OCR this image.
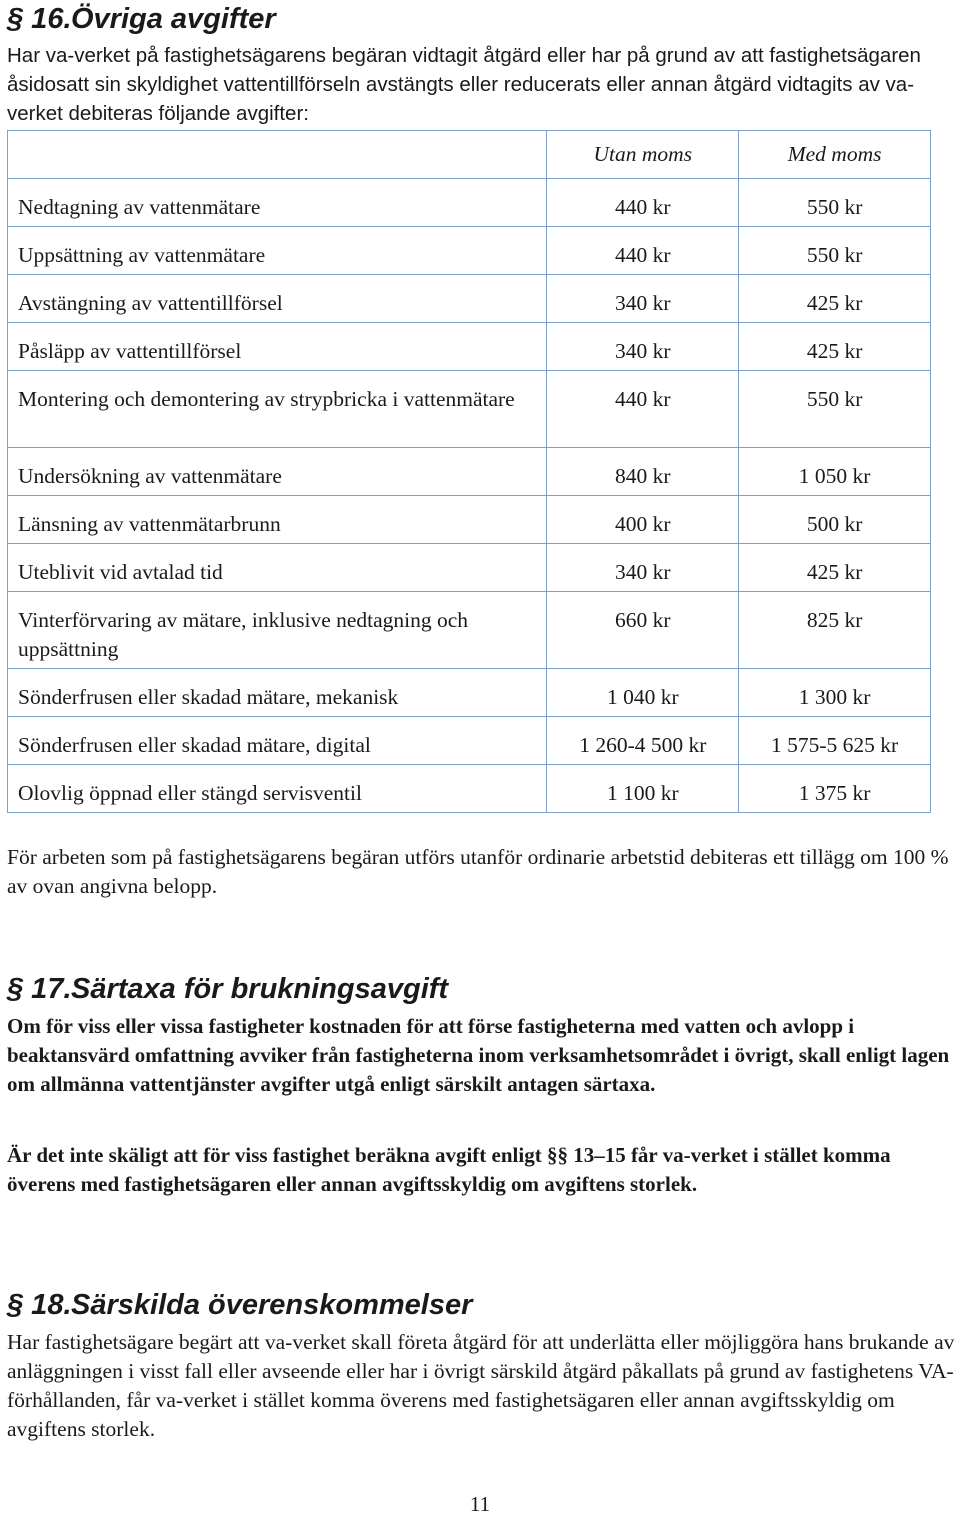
§ 16.Övriga avgifter

Har va-verket på fastighetsägarens begäran vidtagit åtgärd eller har på grund av att fastighetsägaren åsidosatt sin skyldighet vattentillförseln avstängts eller reducerats eller annan åtgärd vidtagits av va-verket debiteras följande avgifter:

	Utan moms	Med moms
Nedtagning av vattenmätare	440 kr	550 kr
Uppsättning av vattenmätare	440 kr	550 kr
Avstängning av vattentillförsel	340 kr	425 kr
Påsläpp av vattentillförsel	340 kr	425 kr
Montering och demontering av strypbricka i vattenmätare	440 kr	550 kr
Undersökning av vattenmätare	840 kr	1 050 kr
Länsning av vattenmätarbrunn	400 kr	500 kr
Uteblivit vid avtalad tid	340 kr	425 kr
Vinterförvaring av mätare, inklusive nedtagning och uppsättning	660 kr	825 kr
Sönderfrusen eller skadad mätare, mekanisk	1 040 kr	1 300 kr
Sönderfrusen eller skadad mätare, digital	1 260-4 500 kr	1 575-5 625 kr
Olovlig öppnad eller stängd servisventil	1 100 kr	1 375 kr

För arbeten som på fastighetsägarens begäran utförs utanför ordinarie arbetstid debiteras ett tillägg om 100 % av ovan angivna belopp.

§ 17.Särtaxa för brukningsavgift

Om för viss eller vissa fastigheter kostnaden för att förse fastigheterna med vatten och avlopp i beaktansvärd omfattning avviker från fastigheterna inom verksamhetsområdet i övrigt, skall enligt lagen om allmänna vattentjänster avgifter utgå enligt särskilt antagen särtaxa.

Är det inte skäligt att för viss fastighet beräkna avgift enligt §§ 13–15 får va-verket i stället komma överens med fastighetsägaren eller annan avgiftsskyldig om avgiftens storlek.

§ 18.Särskilda överenskommelser

Har fastighetsägare begärt att va-verket skall företa åtgärd för att underlätta eller möjliggöra hans brukande av anläggningen i visst fall eller avseende eller har i övrigt särskild åtgärd påkallats på grund av fastighetens VA-förhållanden, får va-verket i stället komma överens med fastighetsägaren eller annan avgiftsskyldig om avgiftens storlek.

11
